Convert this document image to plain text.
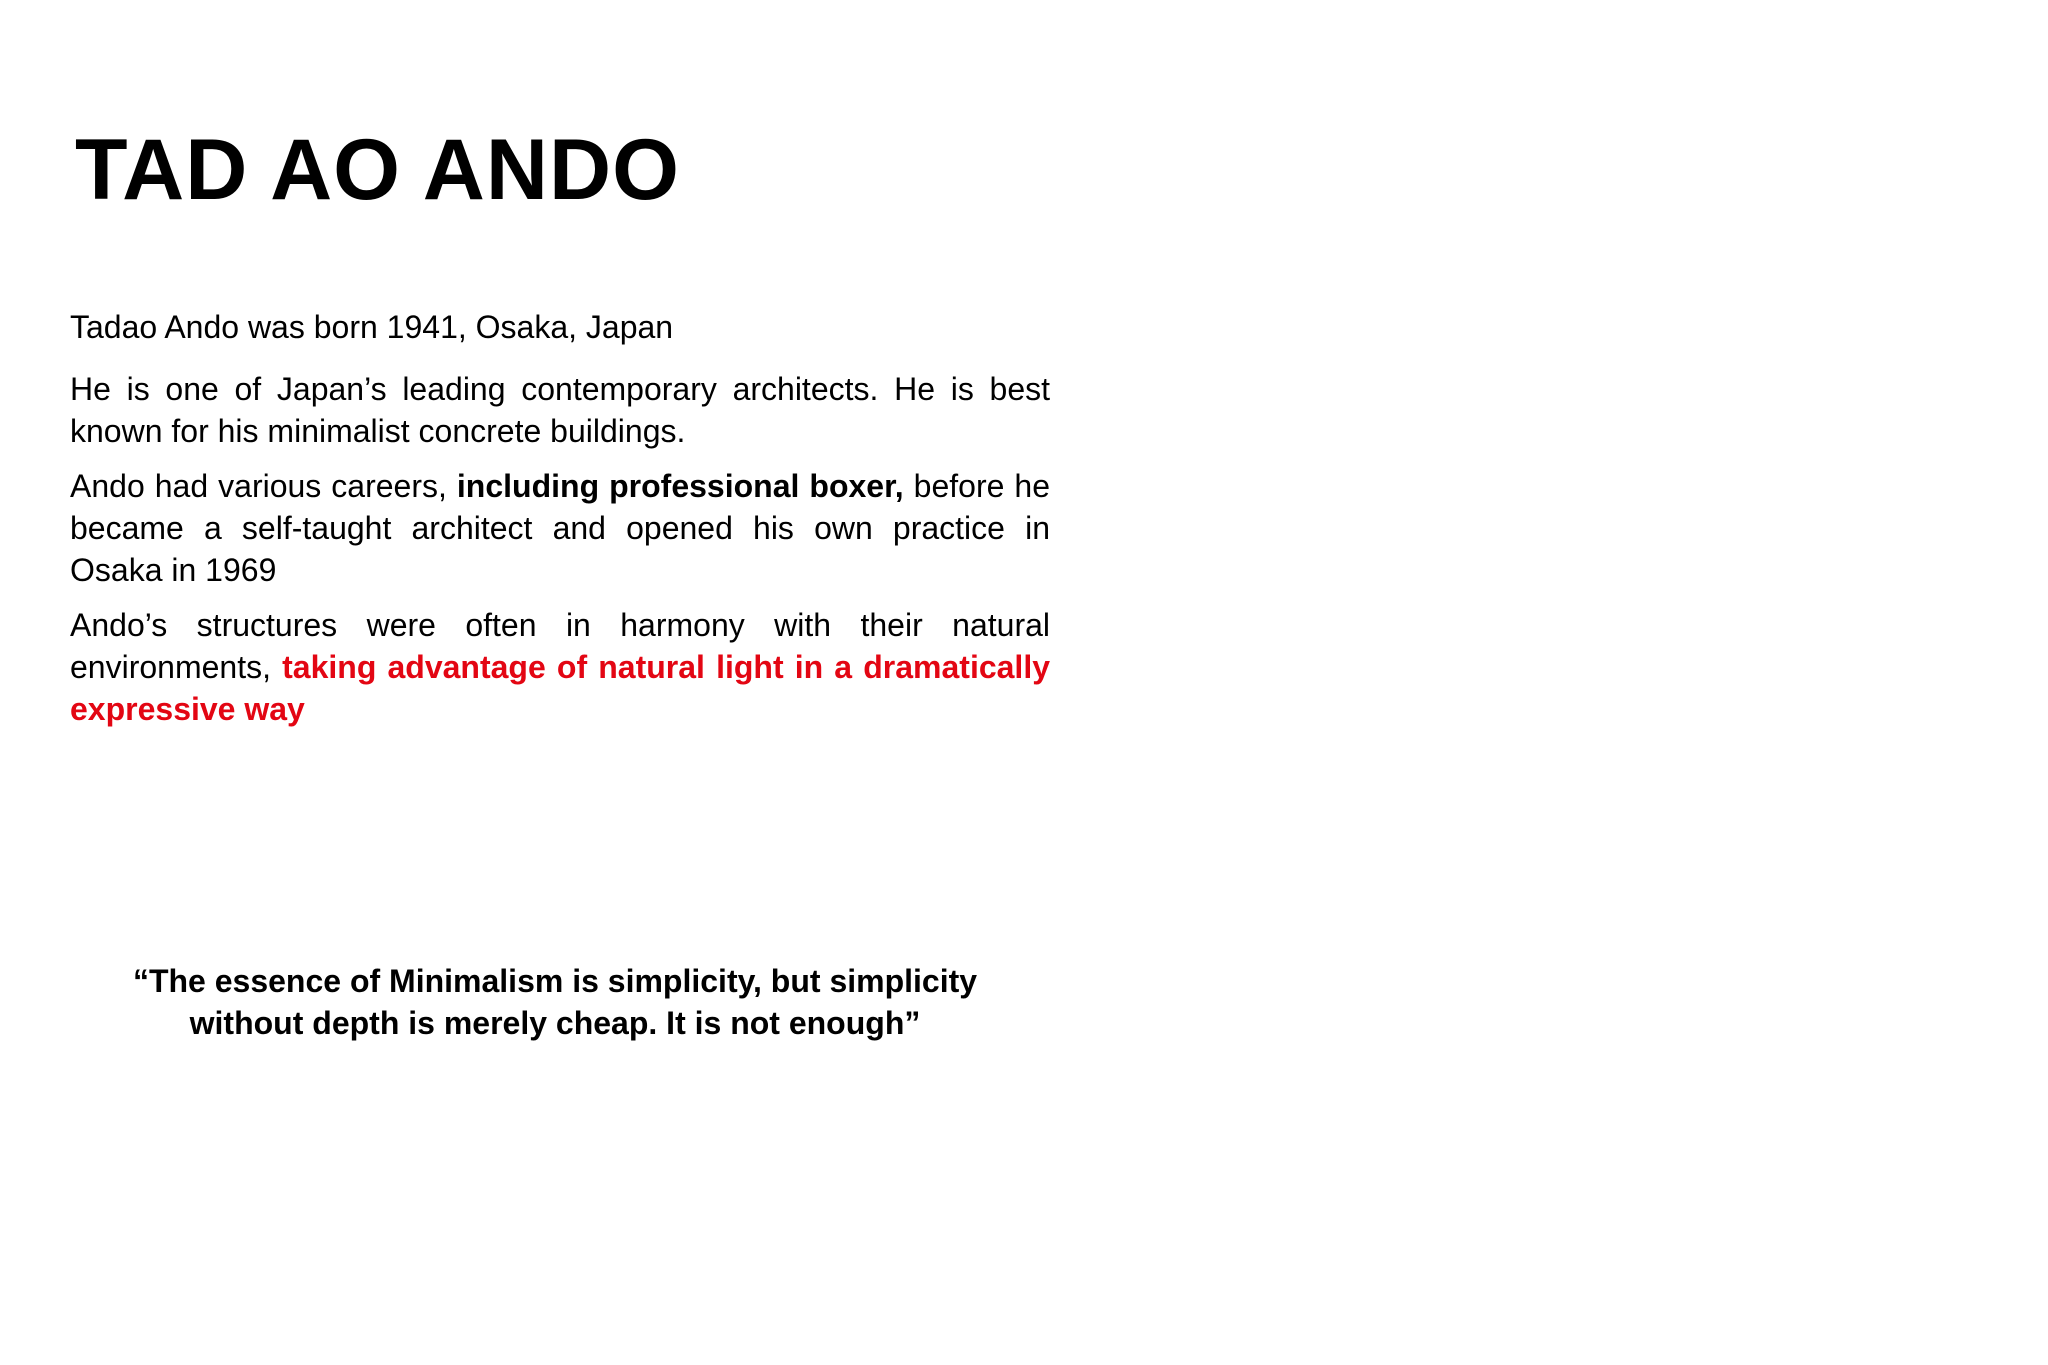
TAD AO ANDO

Tadao Ando was born 1941, Osaka, Japan

He is one of Japan’s leading contemporary architects. He is best known for his minimalist concrete buildings.

Ando had various careers, including professional boxer, before he became a self-taught architect and opened his own practice in Osaka in 1969

Ando’s structures were often in harmony with their natural environments, taking advantage of natural light in a dramatically expressive way

“The essence of Minimalism is simplicity, but simplicity
without depth is merely cheap. It is not enough”
